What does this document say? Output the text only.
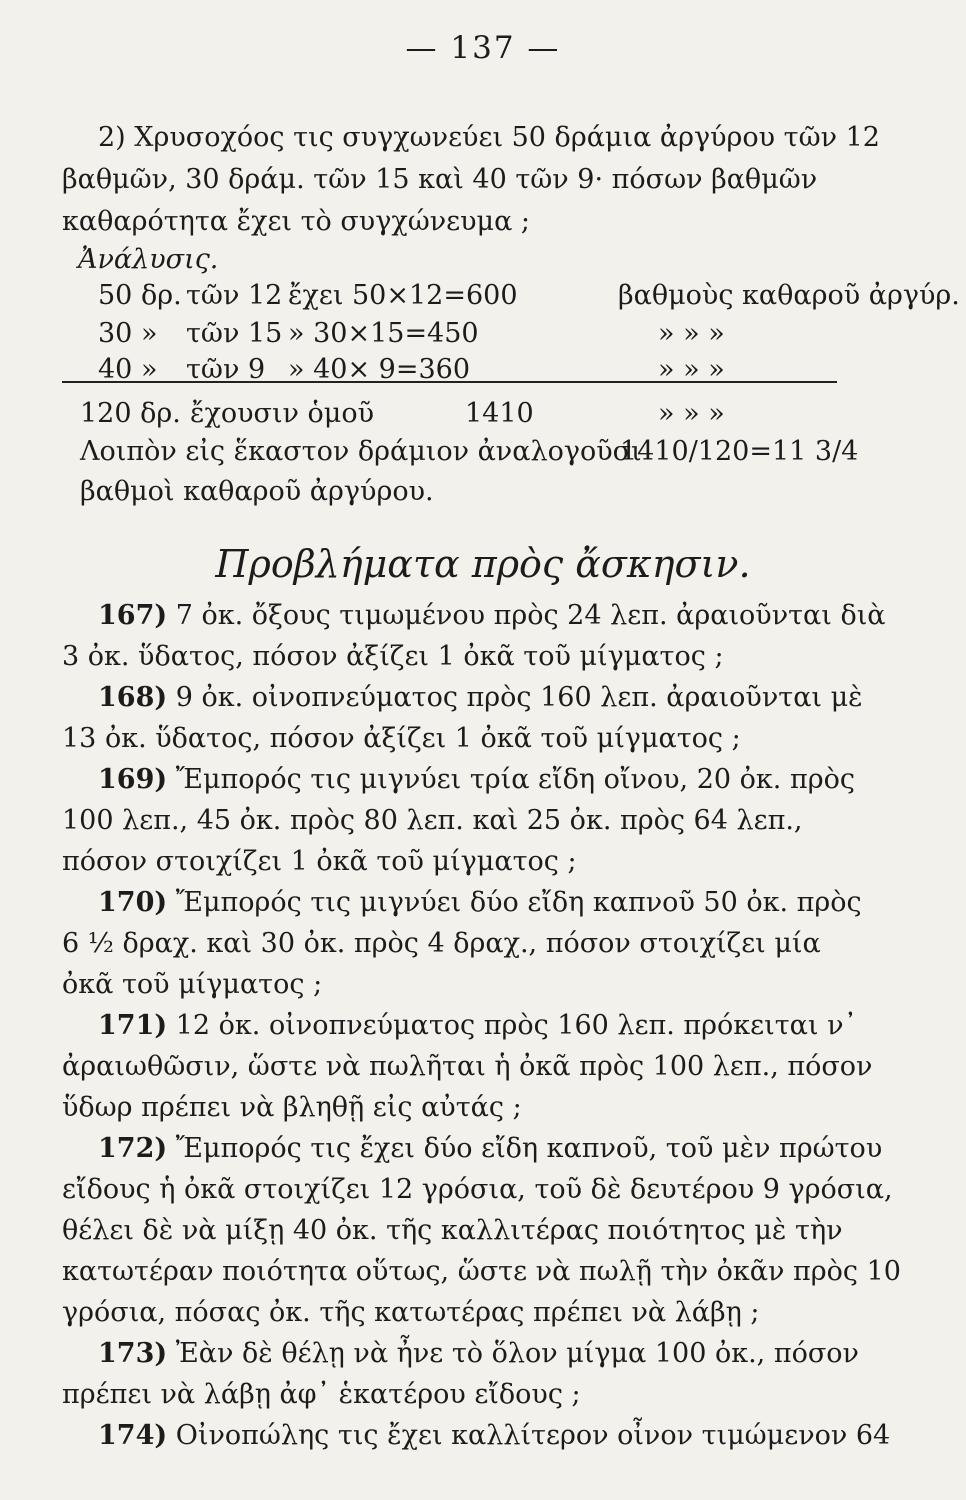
— 137 —
2) Χρυσοχόος τις συγχωνεύει 50 δράμια ἀργύρου τῶν 12
βαθμῶν, 30 δράμ. τῶν 15 καὶ 40 τῶν 9· πόσων βαθμῶν
καθαρότητα ἔχει τὸ συγχώνευμα ;
Ἀνάλυσις.
50 δρ. τῶν 12 ἔχει 50×12=600	βαθμοὺς καθαροῦ ἀργύρ.
30 » τῶν 15 » 30×15=450	» » »
40 » τῶν 9 » 40× 9=360	» » »
120 δρ. ἔχουσιν ὁμοῦ	1410	» » »
Λοιπὸν εἰς ἕκαστον δράμιον ἀναλογοῦσι
1410/120=11 3/4
βαθμοὶ καθαροῦ ἀργύρου.
Προβλήματα πρὸς ἄσκησιν.
167) 7 ὀκ. ὄξους τιμωμένου πρὸς 24 λεπ. ἀραιοῦνται διὰ
3 ὀκ. ὕδατος, πόσον ἀξίζει 1 ὀκᾶ τοῦ μίγματος ;
168) 9 ὀκ. οἰνοπνεύματος πρὸς 160 λεπ. ἀραιοῦνται μὲ
13 ὀκ. ὕδατος, πόσον ἀξίζει 1 ὀκᾶ τοῦ μίγματος ;
169) Ἔμπορός τις μιγνύει τρία εἴδη οἴνου, 20 ὀκ. πρὸς
100 λεπ., 45 ὀκ. πρὸς 80 λεπ. καὶ 25 ὀκ. πρὸς 64 λεπ.,
πόσον στοιχίζει 1 ὀκᾶ τοῦ μίγματος ;
170) Ἔμπορός τις μιγνύει δύο εἴδη καπνοῦ 50 ὀκ. πρὸς
6 ½ δραχ. καὶ 30 ὀκ. πρὸς 4 δραχ., πόσον στοιχίζει μία
ὀκᾶ τοῦ μίγματος ;
171) 12 ὀκ. οἰνοπνεύματος πρὸς 160 λεπ. πρόκειται ν᾿
ἀραιωθῶσιν, ὥστε νὰ πωλῆται ἡ ὀκᾶ πρὸς 100 λεπ., πόσον
ὕδωρ πρέπει νὰ βληθῇ εἰς αὐτάς ;
172) Ἔμπορός τις ἔχει δύο εἴδη καπνοῦ, τοῦ μὲν πρώτου
εἴδους ἡ ὀκᾶ στοιχίζει 12 γρόσια, τοῦ δὲ δευτέρου 9 γρόσια,
θέλει δὲ νὰ μίξῃ 40 ὀκ. τῆς καλλιτέρας ποιότητος μὲ τὴν
κατωτέραν ποιότητα οὕτως, ὥστε νὰ πωλῇ τὴν ὀκᾶν πρὸς 10
γρόσια, πόσας ὀκ. τῆς κατωτέρας πρέπει νὰ λάβῃ ;
173) Ἐὰν δὲ θέλῃ νὰ ἦνε τὸ ὅλον μίγμα 100 ὀκ., πόσον
πρέπει νὰ λάβῃ ἀφ᾿ ἑκατέρου εἴδους ;
174) Οἰνοπώλης τις ἔχει καλλίτερον οἶνον τιμώμενον 64
